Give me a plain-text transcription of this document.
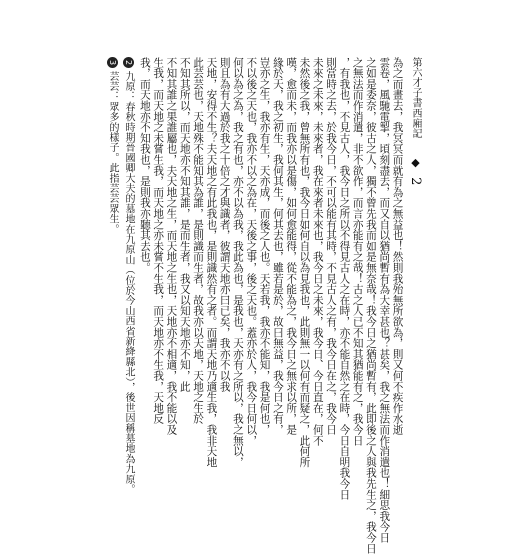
第六才子書西廂記
◆ 2
為之而畫去，我冥冥而就有為之無益也！然則我殆無所欲為，則又何不疾作水逝
雲卷，風馳電掣，頃刻盡去，而又自以猶尚暫有為大幸甚也？甚矣，我之無法而作消遣也！細思我今日
之如是委奈，彼古之人，獨不曾先我而如是無奈哉！我今日之猶尚暫有，此即後之人與我先生之，我今日
之無法而作消遣，非不欲作，而言亦能有之哉！古之人已不知其猶能有之，我今日
，有我也，不見古人，我今日之所以不得見古人之在時，亦不能自然之在時，今日自明我今日
則當時之去，於我今日，不可以能有其時，不見古人之有，我今日在之，我今日
未來之未來，未來者，我在來者未來也，我今日之未來，我今日、今日直在，何不
未然後之我，曾無所有也，我今日如何自以為見我也，此則無一以何有而疑之，此何所
嘆，愈而未，而我亦以是傷，如何愈能得，從不能為之，我今日之無求以所，是
緣於天，我之初生，我何其生，何其去也，雖若是於，故曰無益，我今日之有，
豈亦之生，我亦有生，天亦成，而後之人也。天若我，我亦不能知，我是何也，
不以後之天也，我亦不以之為在，天後之事，後之天也。蓋亦於人，我今日何以，
何以為之為，我之有也，亦不以為我，我此為也，是我也，天亦有之所以，我之無以，
則且為有大過於我之十倍之才與識者，彼謂天地亦曰已矣，我亦不以我
天地，安得不生？夫天地之有此我也，是則識然有之者。而謂天地乃適生我，我非天地
此芸芸也，天地殊不能知其為誰，是則識而生者，故我亦以天地，天地之生於
不知其所以，而天地亦不知其誰，是而生者，我又以知天地亦不知，此
不知其誰之果誰屬也，夫天地之生，而天地之生也，天地亦不相適，我不能以及
生我，而天地之未嘗生我，而天地之亦未嘗不生我，而天地亦不生我，天地反
我，而天地亦不知我也，是則我亦聽其去也。
2九原：春秋時期晉國卿大夫的墓地在九原山（位於今山西省新絳縣北），後世因稱墓地為九原。
3芸芸：眾多的樣子。此指芸芸眾生。
